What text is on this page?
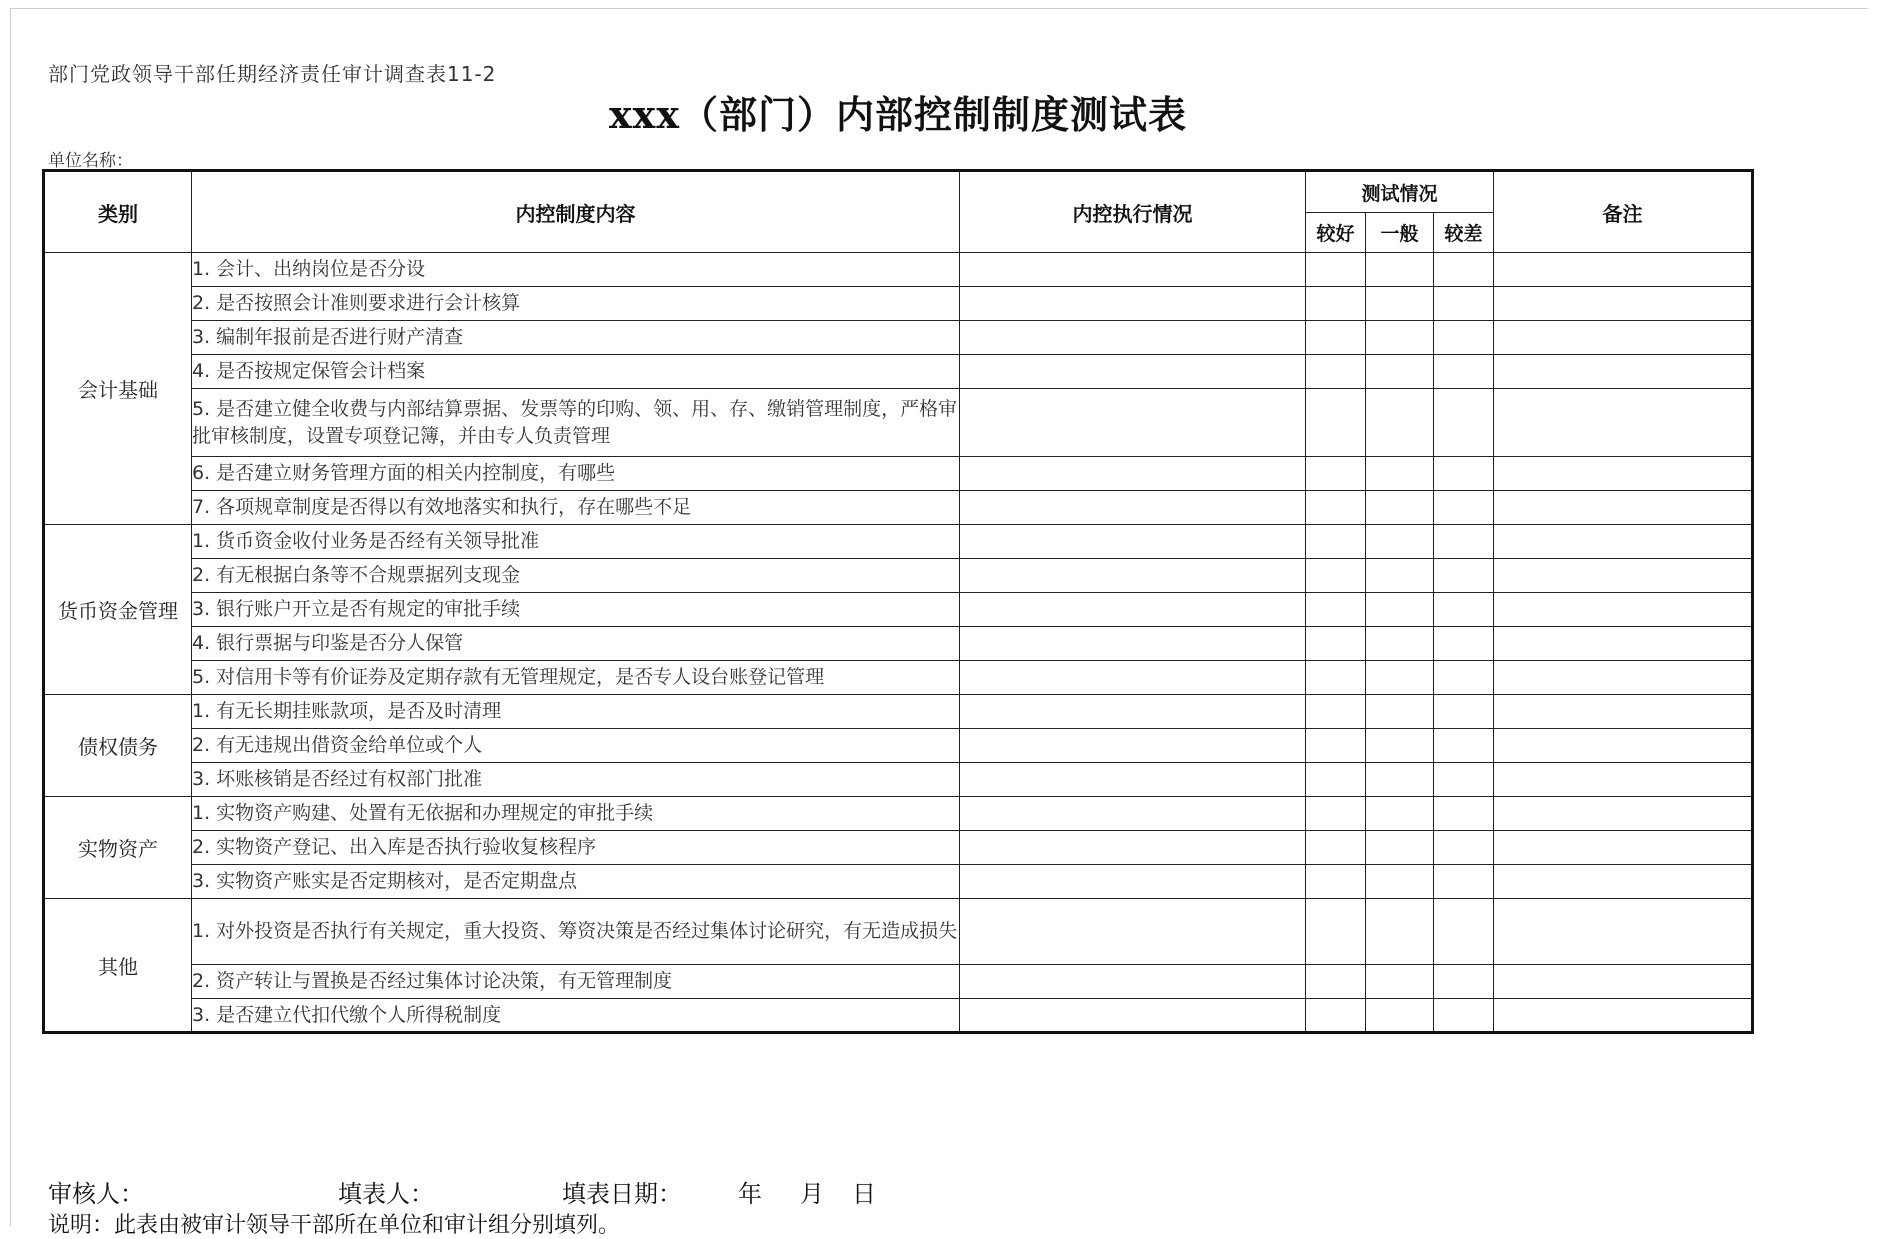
部门党政领导干部任期经济责任审计调查表11-2
xxx（部门）内部控制制度测试表
单位名称：
类别	内控制度内容	内控执行情况	测试情况			备注
			较好	一般	较差	
会计基础	1. 会计、出纳岗位是否分设					

	2. 是否按照会计准则要求进行会计核算					

	3. 编制年报前是否进行财产清查					

	4. 是否按规定保管会计档案					

	5. 是否建立健全收费与内部结算票据、发票等的印购、领、用、存、缴销管理制度，严格审批审核制度，设置专项登记簿，并由专人负责管理					

	6. 是否建立财务管理方面的相关内控制度，有哪些					

	7. 各项规章制度是否得以有效地落实和执行，存在哪些不足					

货币资金管理	1. 货币资金收付业务是否经有关领导批准					

	2. 有无根据白条等不合规票据列支现金					

	3. 银行账户开立是否有规定的审批手续					

	4. 银行票据与印鉴是否分人保管					

	5. 对信用卡等有价证券及定期存款有无管理规定，是否专人设台账登记管理					

债权债务	1. 有无长期挂账款项，是否及时清理					

	2. 有无违规出借资金给单位或个人					

	3. 坏账核销是否经过有权部门批准					

实物资产	1. 实物资产购建、处置有无依据和办理规定的审批手续					

	2. 实物资产登记、出入库是否执行验收复核程序					

	3. 实物资产账实是否定期核对，是否定期盘点					

其他	1. 对外投资是否执行有关规定，重大投资、筹资决策是否经过集体讨论研究，有无造成损失					

	2. 资产转让与置换是否经过集体讨论决策，有无管理制度					

	3. 是否建立代扣代缴个人所得税制度					

审核人：	填表人：	填表日期： 年 月 日
说明：此表由被审计领导干部所在单位和审计组分别填列。
